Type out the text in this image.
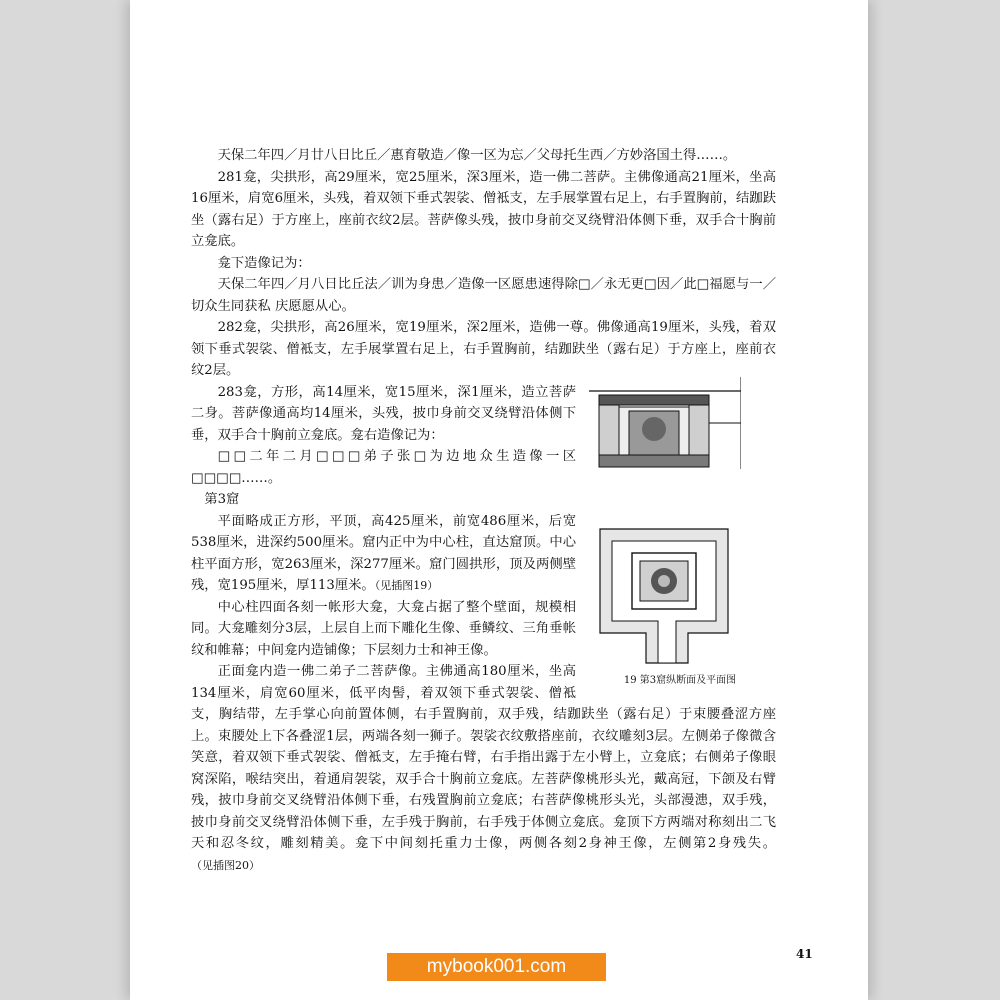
天保二年四／月廿八日比丘／惠育敬造／像一区为忘／父母托生西／方妙洛国土得……。

281龛，尖拱形，高29厘米，宽25厘米，深3厘米，造一佛二菩萨。主佛像通高21厘米，坐高16厘米，肩宽6厘米，头残，着双领下垂式袈裟、僧袛支，左手展掌置右足上，右手置胸前，结跏趺坐（露右足）于方座上，座前衣纹2层。菩萨像头残，披巾身前交叉绕臂沿体侧下垂，双手合十胸前立龛底。

龛下造像记为：

天保二年四／月八日比丘法／训为身患／造像一区愿患速得除□／永无更□因／此□福愿与一／切众生同获私 庆愿愿从心。

282龛，尖拱形，高26厘米，宽19厘米，深2厘米，造佛一尊。佛像通高19厘米，头残，着双领下垂式袈裟、僧袛支，左手展掌置右足上，右手置胸前，结跏趺坐（露右足）于方座上，座前衣纹2层。

283龛，方形，高14厘米，宽15厘米，深1厘米，造立菩萨二身。菩萨像通高均14厘米，头残，披巾身前交叉绕臂沿体侧下垂，双手合十胸前立龛底。龛右造像记为：

□□二年二月□□□弟子张□为边地众生造像一区□□□□……。

第3窟

平面略成正方形，平顶，高425厘米，前宽486厘米，后宽538厘米，进深约500厘米。窟内正中为中心柱，直达窟顶。中心柱平面方形，宽263厘米，深277厘米。窟门圆拱形，顶及两侧壁残，宽195厘米，厚113厘米。（见插图19）

中心柱四面各刻一帐形大龛，大龛占据了整个壁面，规模相同。大龛雕刻分3层，上层自上而下雕化生像、垂鳞纹、三角垂帐纹和帷幕；中间龛内造铺像；下层刻力士和神王像。

正面龛内造一佛二弟子二菩萨像。主佛通高180厘米，坐高134厘米，肩宽60厘米，低平肉髻，着双领下垂式袈裟、僧袛支，胸结带，左手掌心向前置体侧，右手置胸前，双手残，结跏趺坐（露右足）于束腰叠涩方座上。束腰处上下各叠涩1层，两端各刻一狮子。袈裟衣纹敷搭座前，衣纹雕刻3层。左侧弟子像微含笑意，着双领下垂式袈裟、僧袛支，左手掩右臂，右手指出露于左小臂上，立龛底；右侧弟子像眼窝深陷，喉结突出，着通肩袈裟，双手合十胸前立龛底。左菩萨像桃形头光，戴高冠，下颌及右臂残，披巾身前交叉绕臂沿体侧下垂，右残置胸前立龛底；右菩萨像桃形头光，头部漫漶，双手残，披巾身前交叉绕臂沿体侧下垂，左手残于胸前，右手残于体侧立龛底。龛顶下方两端对称刻出二飞天和忍冬纹，雕刻精美。龛下中间刻托重力士像，两侧各刻2身神王像，左侧第2身残失。（见插图20）

19 第3窟纵断面及平面图
41
mybook001.com
